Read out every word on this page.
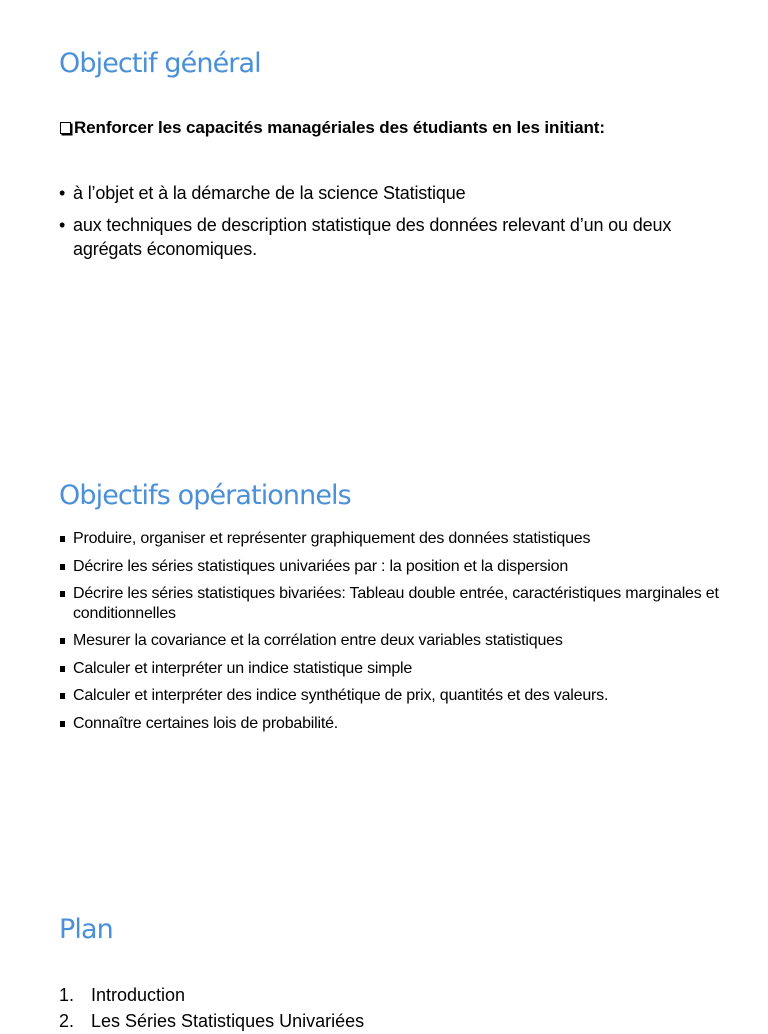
Objectif général
Renforcer les capacités managériales des étudiants en les initiant:
• à l’objet et à la démarche de la science Statistique
• aux techniques de description statistique des données relevant d’un ou deux agrégats économiques.
Objectifs opérationnels
Produire, organiser et représenter graphiquement des données statistiques
Décrire les séries statistiques univariées par : la position et la dispersion
Décrire les séries statistiques bivariées: Tableau double entrée, caractéristiques marginales et conditionnelles
Mesurer la covariance et la corrélation entre deux variables statistiques
Calculer et interpréter un indice statistique simple
Calculer et interpréter des indice synthétique de prix, quantités et des valeurs.
Connaître certaines lois de probabilité.
Plan
1. Introduction
2. Les Séries Statistiques Univariées
